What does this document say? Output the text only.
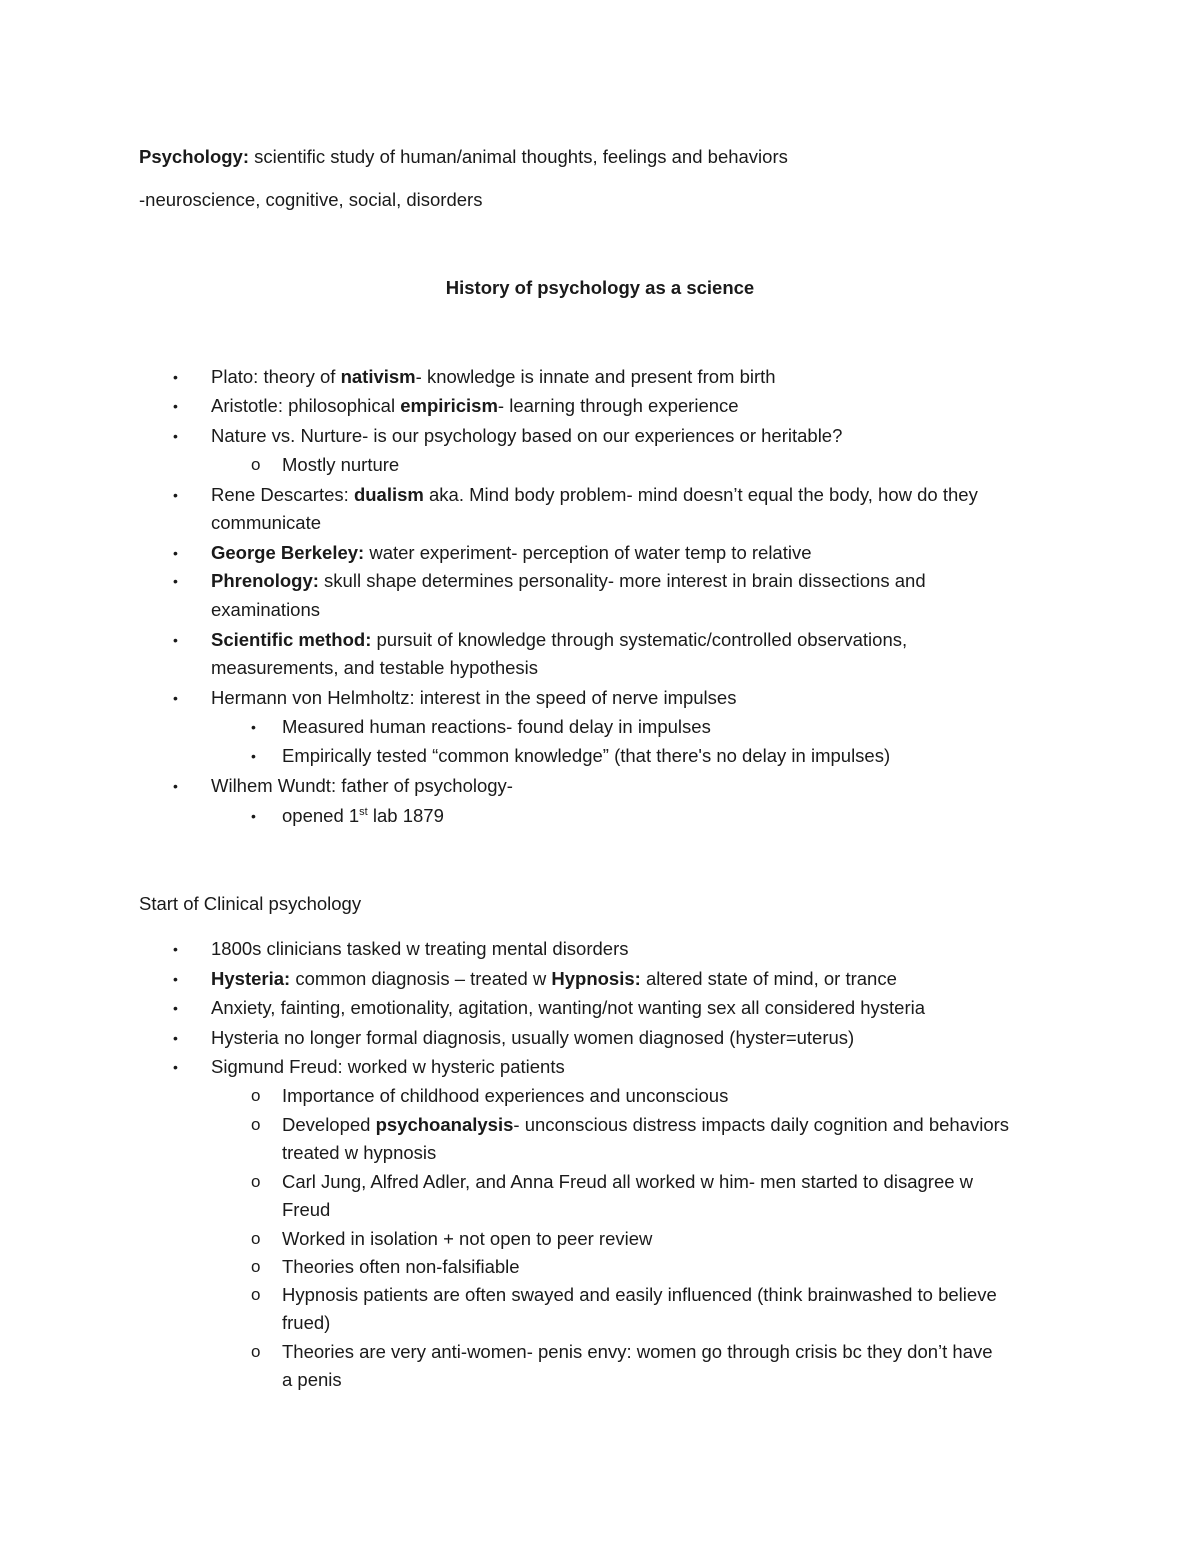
Psychology: scientific study of human/animal thoughts, feelings and behaviors
-neuroscience, cognitive, social, disorders
History of psychology as a science
• Plato: theory of nativism- knowledge is innate and present from birth
• Aristotle: philosophical empiricism- learning through experience
• Nature vs. Nurture- is our psychology based on our experiences or heritable?
o Mostly nurture
• Rene Descartes: dualism aka. Mind body problem- mind doesn’t equal the body, how do they
communicate
• George Berkeley: water experiment- perception of water temp to relative
• Phrenology: skull shape determines personality- more interest in brain dissections and
examinations
• Scientific method: pursuit of knowledge through systematic/controlled observations,
measurements, and testable hypothesis
• Hermann von Helmholtz: interest in the speed of nerve impulses
• Measured human reactions- found delay in impulses
• Empirically tested “common knowledge” (that there's no delay in impulses)
• Wilhem Wundt: father of psychology-
• opened 1st lab 1879
Start of Clinical psychology
• 1800s clinicians tasked w treating mental disorders
• Hysteria: common diagnosis – treated w Hypnosis: altered state of mind, or trance
• Anxiety, fainting, emotionality, agitation, wanting/not wanting sex all considered hysteria
• Hysteria no longer formal diagnosis, usually women diagnosed (hyster=uterus)
• Sigmund Freud: worked w hysteric patients
o Importance of childhood experiences and unconscious
o Developed psychoanalysis- unconscious distress impacts daily cognition and behaviors
treated w hypnosis
o Carl Jung, Alfred Adler, and Anna Freud all worked w him- men started to disagree w
Freud
o Worked in isolation + not open to peer review
o Theories often non-falsifiable
o Hypnosis patients are often swayed and easily influenced (think brainwashed to believe
frued)
o Theories are very anti-women- penis envy: women go through crisis bc they don’t have
a penis
